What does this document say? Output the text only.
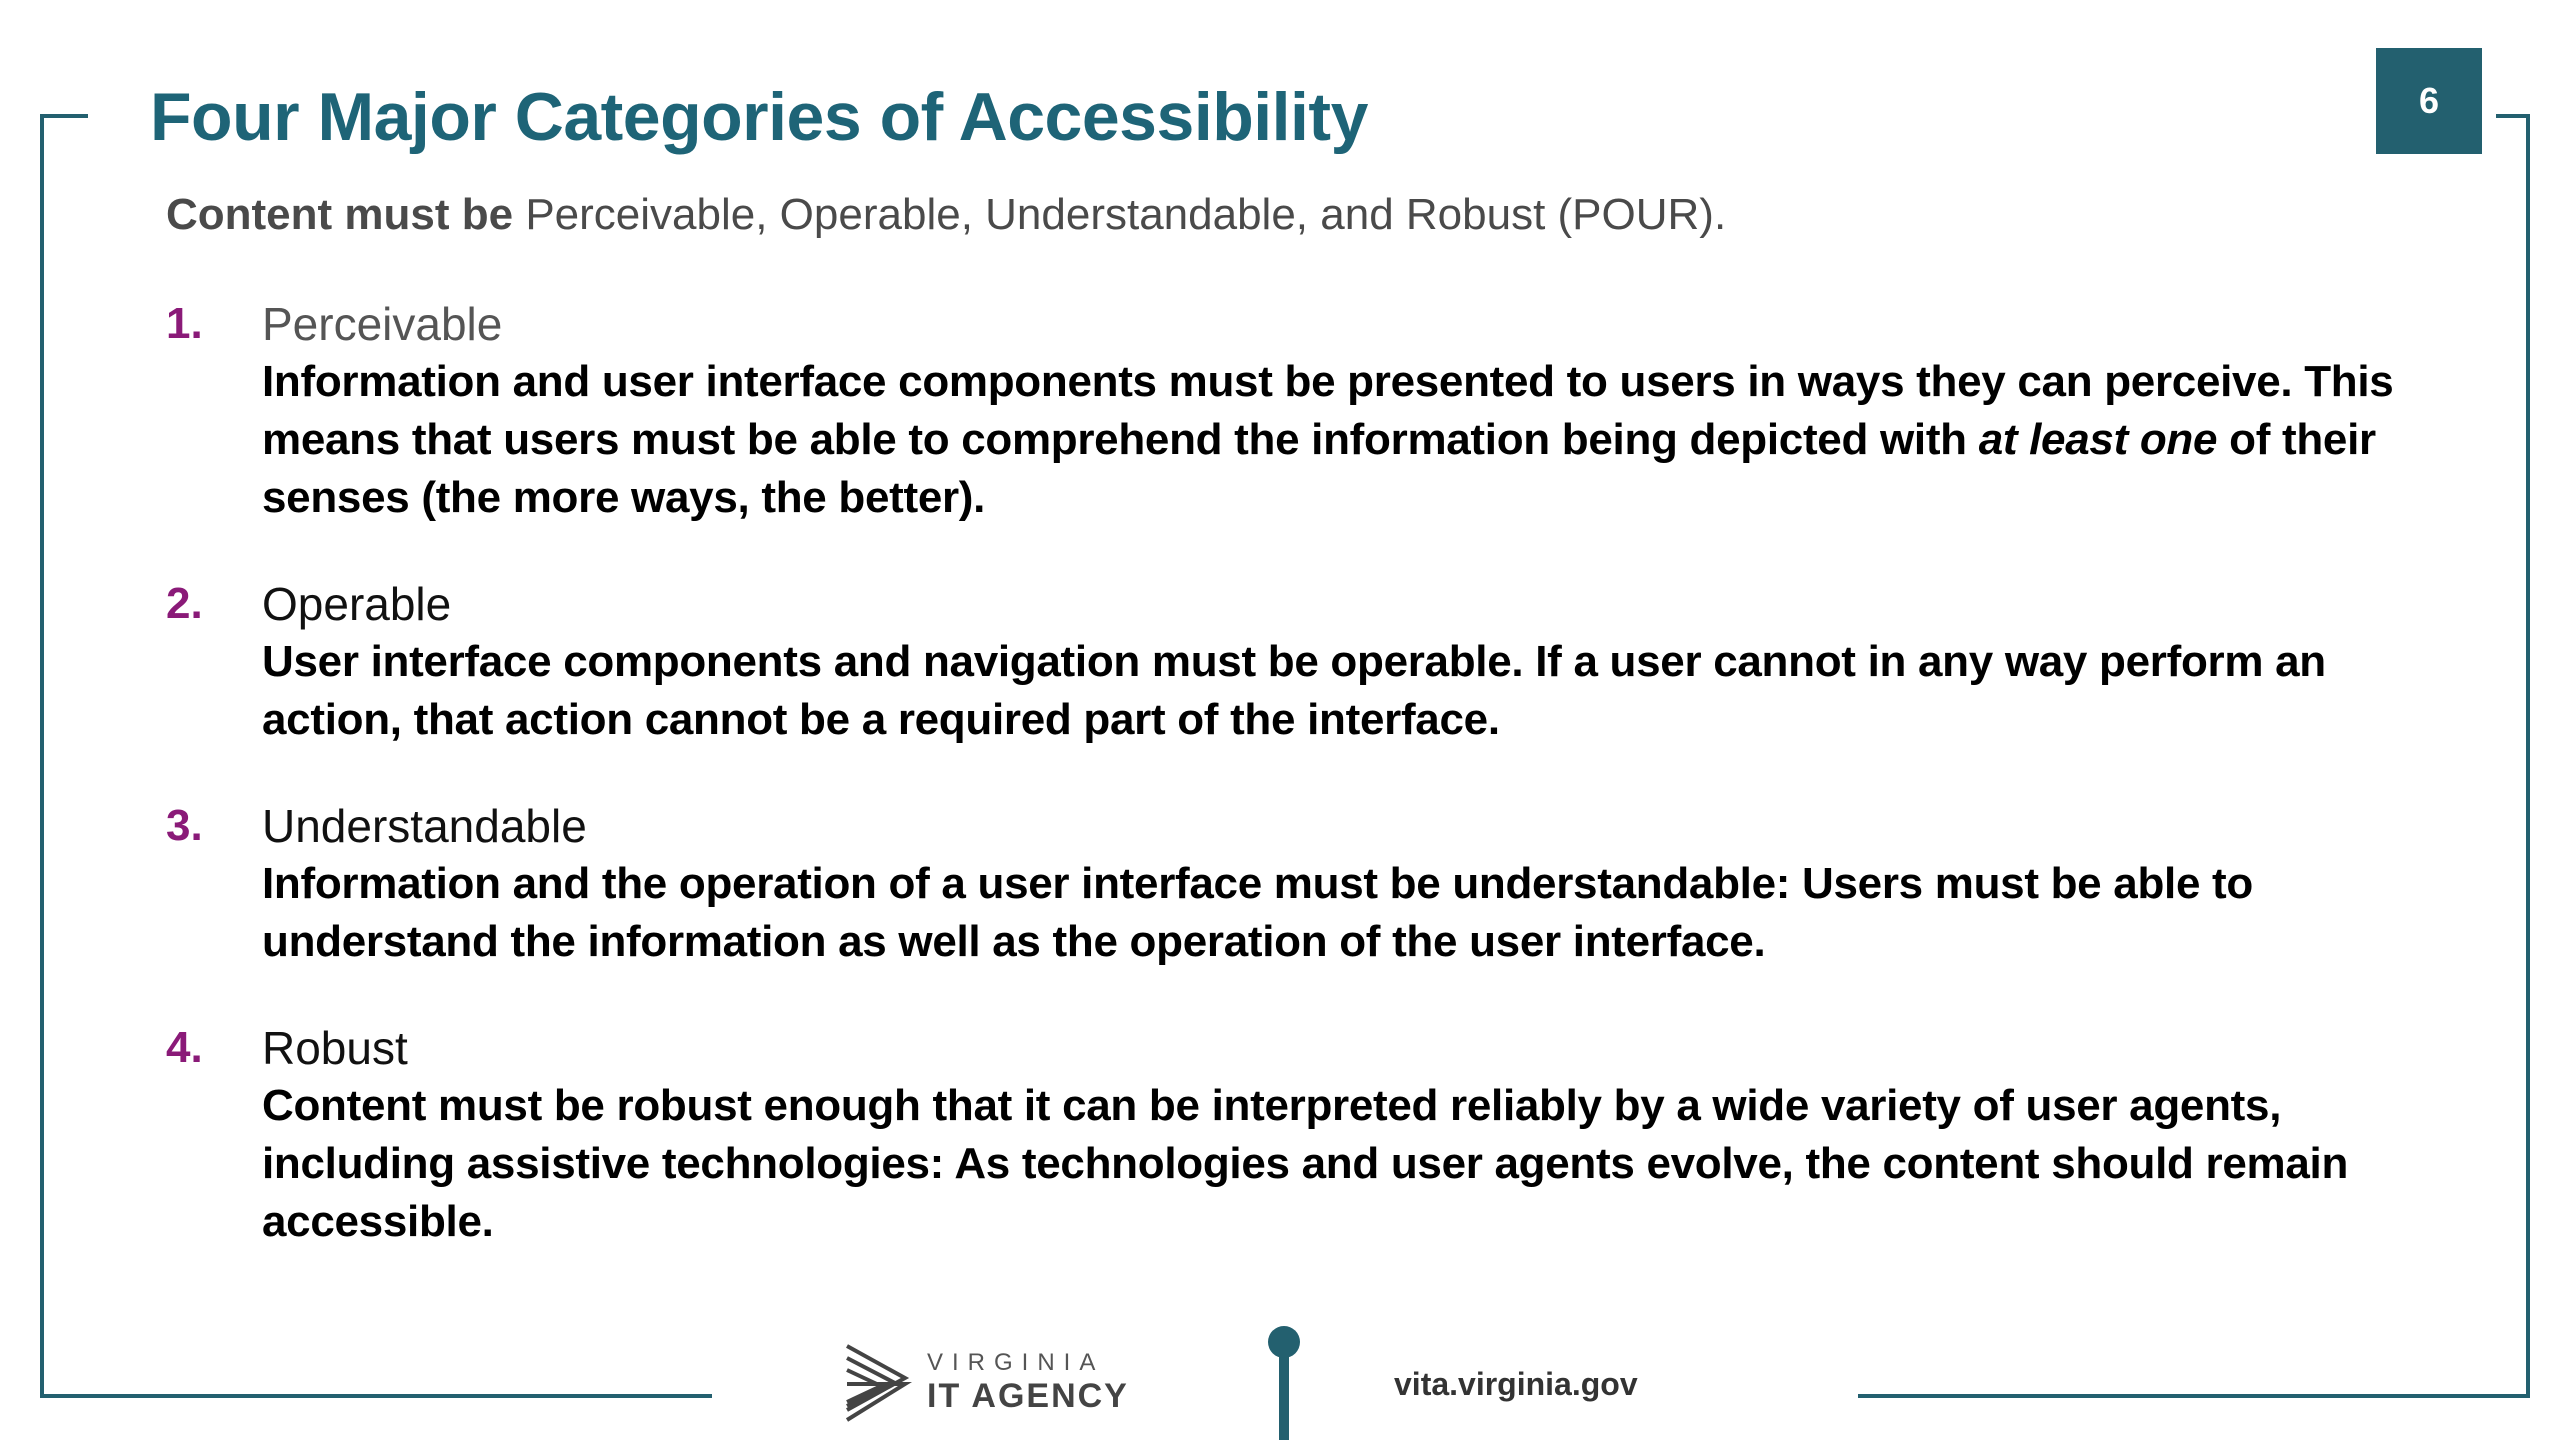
6
Four Major Categories of Accessibility
Content must be Perceivable, Operable, Understandable, and Robust (POUR).
1.	Perceivable
Information and user interface components must be presented to users in ways they can perceive. This means that users must be able to comprehend the information being depicted with at least one of their senses (the more ways, the better).
2.	Operable
User interface components and navigation must be operable. If a user cannot in any way perform an action, that action cannot be a required part of the interface.
3.	Understandable
Information and the operation of a user interface must be understandable: Users must be able to understand the information as well as the operation of the user interface.
4.	Robust
Content must be robust enough that it can be interpreted reliably by a wide variety of user agents, including assistive technologies: As technologies and user agents evolve, the content should remain accessible.
VIRGINIA
IT AGENCY	vita.virginia.gov
